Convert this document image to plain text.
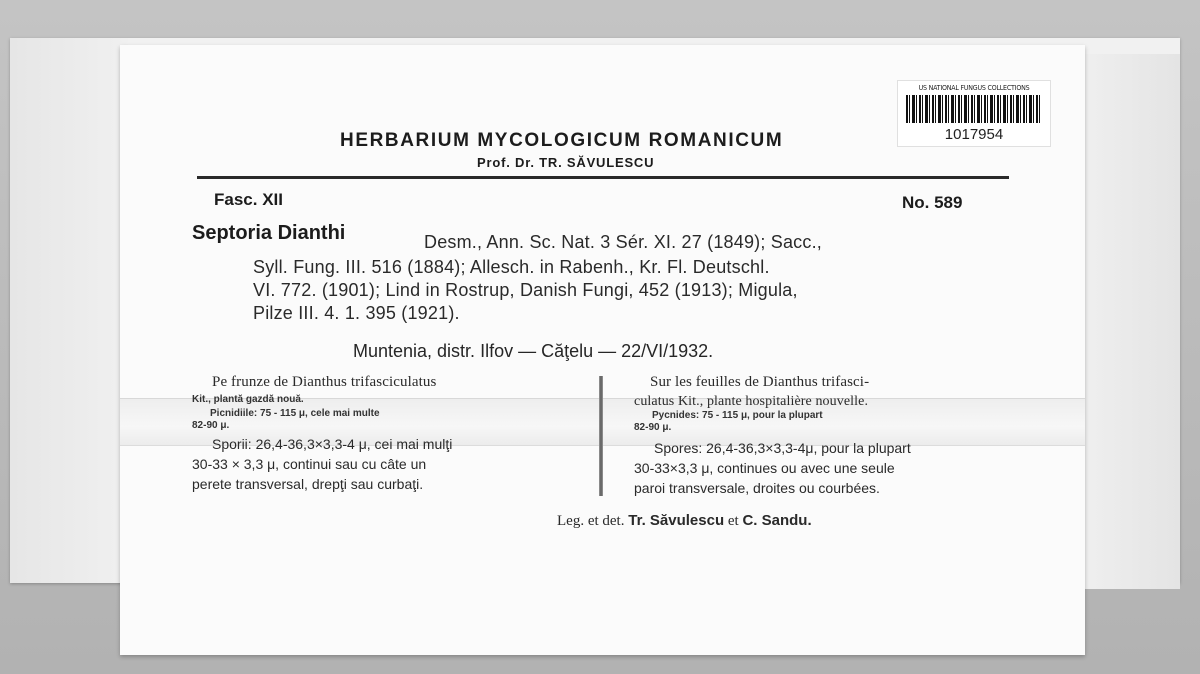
US NATIONAL FUNGUS COLLECTIONS
1017954

HERBARIUM MYCOLOGICUM ROMANICUM

Prof. Dr. TR. SĂVULESCU

Fasc. XII	No. 589

Septoria Dianthi	Desm., Ann. Sc. Nat. 3 Sér. XI. 27 (1849); Sacc.,

Syll. Fung. III. 516 (1884); Allesch. in Rabenh., Kr. Fl. Deutschl.

VI. 772. (1901); Lind in Rostrup, Danish Fungi, 452 (1913); Migula,

Pilze III. 4. 1. 395 (1921).

Muntenia, distr. Ilfov — Căţelu — 22/VI/1932.

Pe frunze de Dianthus trifasciculatus

Kit., plantă gazdă nouă.

Picnidiile: 75 - 115 μ, cele mai multe

82-90 μ.

Sporii: 26,4-36,3×3,3-4 μ, cei mai mulţi

30-33 × 3,3 μ, continui sau cu câte un

perete transversal, drepţi sau curbaţi.

Sur les feuilles de Dianthus trifasci-

culatus Kit., plante hospitalière nouvelle.

Pycnides: 75 - 115 μ, pour la plupart

82-90 μ.

Spores: 26,4-36,3×3,3-4μ, pour la plupart

30-33×3,3 μ, continues ou avec une seule

paroi transversale, droites ou courbées.

Leg. et det. Tr. Săvulescu et C. Sandu.
